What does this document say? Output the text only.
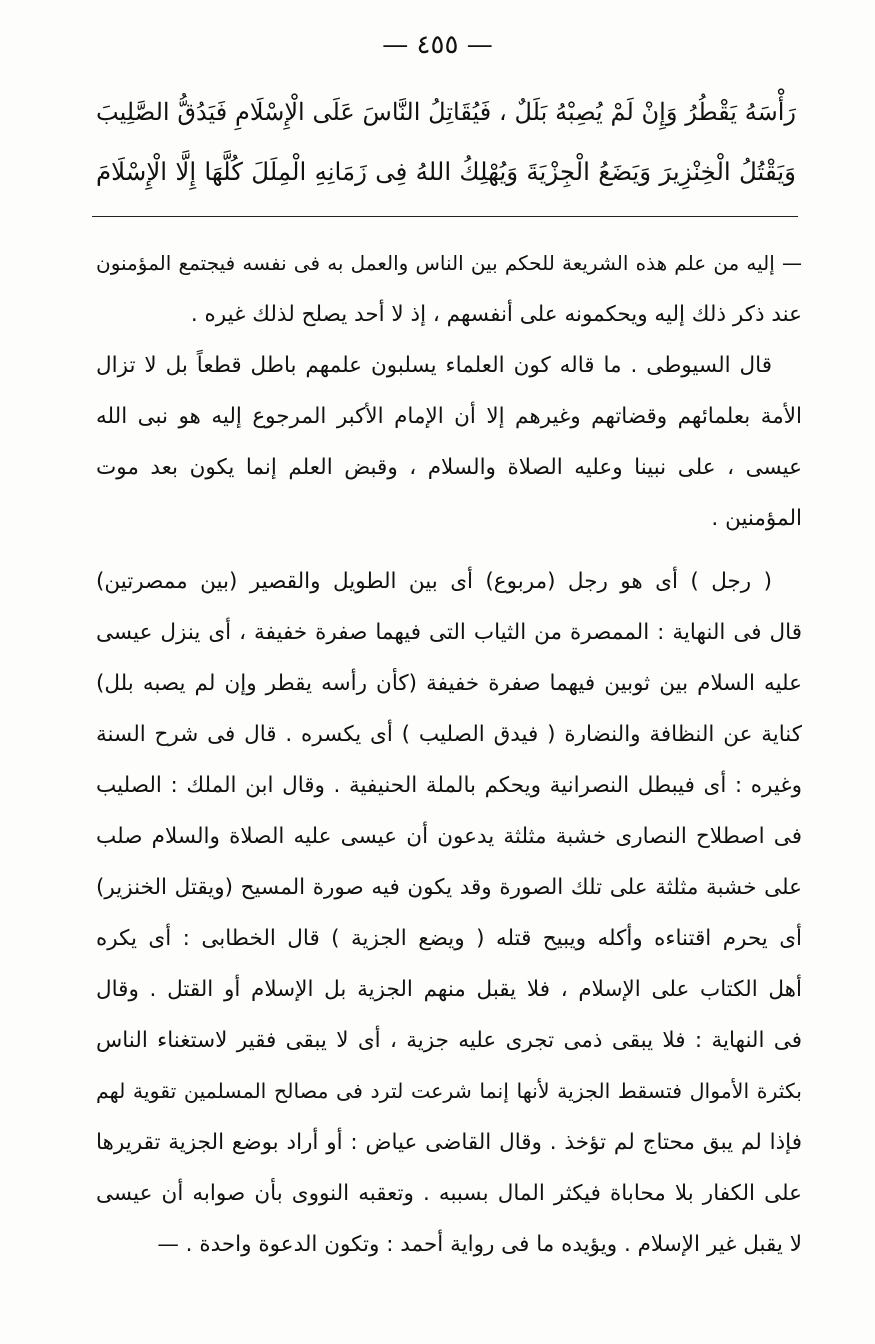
— ٤٥٥ —
رَأْسَهُ يَقْطُرُ وَإِنْ لَمْ يُصِبْهُ بَلَلٌ ، فَيُقَاتِلُ النَّاسَ عَلَى الْإِسْلَامِ فَيَدُقُّ الصَّلِيبَ
وَيَقْتُلُ الْخِنْزِيرَ وَيَضَعُ الْجِزْيَةَ وَيُهْلِكُ اللهُ فِى زَمَانِهِ الْمِلَلَ كُلَّهَا إِلَّا الْإِسْلَامَ
— إليه من علم هذه الشريعة للحكم بين الناس والعمل به فى نفسه فيجتمع المؤمنون
عند ذكر ذلك إليه ويحكمونه على أنفسهم ، إذ لا أحد يصلح لذلك غيره .
قال السيوطى . ما قاله كون العلماء يسلبون علمهم باطل قطعاً بل لا تزال
الأمة بعلمائهم وقضاتهم وغيرهم إلا أن الإمام الأكبر المرجوع إليه هو نبى الله
عيسى ، على نبينا وعليه الصلاة والسلام ، وقبض العلم إنما يكون بعد موت
المؤمنين .
( رجل ) أى هو رجل (مربوع) أى بين الطويل والقصير (بين ممصرتين)
قال فى النهاية : الممصرة من الثياب التى فيهما صفرة خفيفة ، أى ينزل عيسى
عليه السلام بين ثوبين فيهما صفرة خفيفة (كأن رأسه يقطر وإن لم يصبه بلل)
كناية عن النظافة والنضارة ( فيدق الصليب ) أى يكسره . قال فى شرح السنة
وغيره : أى فيبطل النصرانية ويحكم بالملة الحنيفية . وقال ابن الملك : الصليب
فى اصطلاح النصارى خشبة مثلثة يدعون أن عيسى عليه الصلاة والسلام صلب
على خشبة مثلثة على تلك الصورة وقد يكون فيه صورة المسيح (ويقتل الخنزير)
أى يحرم اقتناءه وأكله ويبيح قتله ( ويضع الجزية ) قال الخطابى : أى يكره
أهل الكتاب على الإسلام ، فلا يقبل منهم الجزية بل الإسلام أو القتل . وقال
فى النهاية : فلا يبقى ذمى تجرى عليه جزية ، أى لا يبقى فقير لاستغناء الناس
بكثرة الأموال فتسقط الجزية لأنها إنما شرعت لترد فى مصالح المسلمين تقوية لهم
فإذا لم يبق محتاج لم تؤخذ . وقال القاضى عياض : أو أراد بوضع الجزية تقريرها
على الكفار بلا محاباة فيكثر المال بسببه . وتعقبه النووى بأن صوابه أن عيسى
لا يقبل غير الإسلام . ويؤيده ما فى رواية أحمد : وتكون الدعوة واحدة . —
